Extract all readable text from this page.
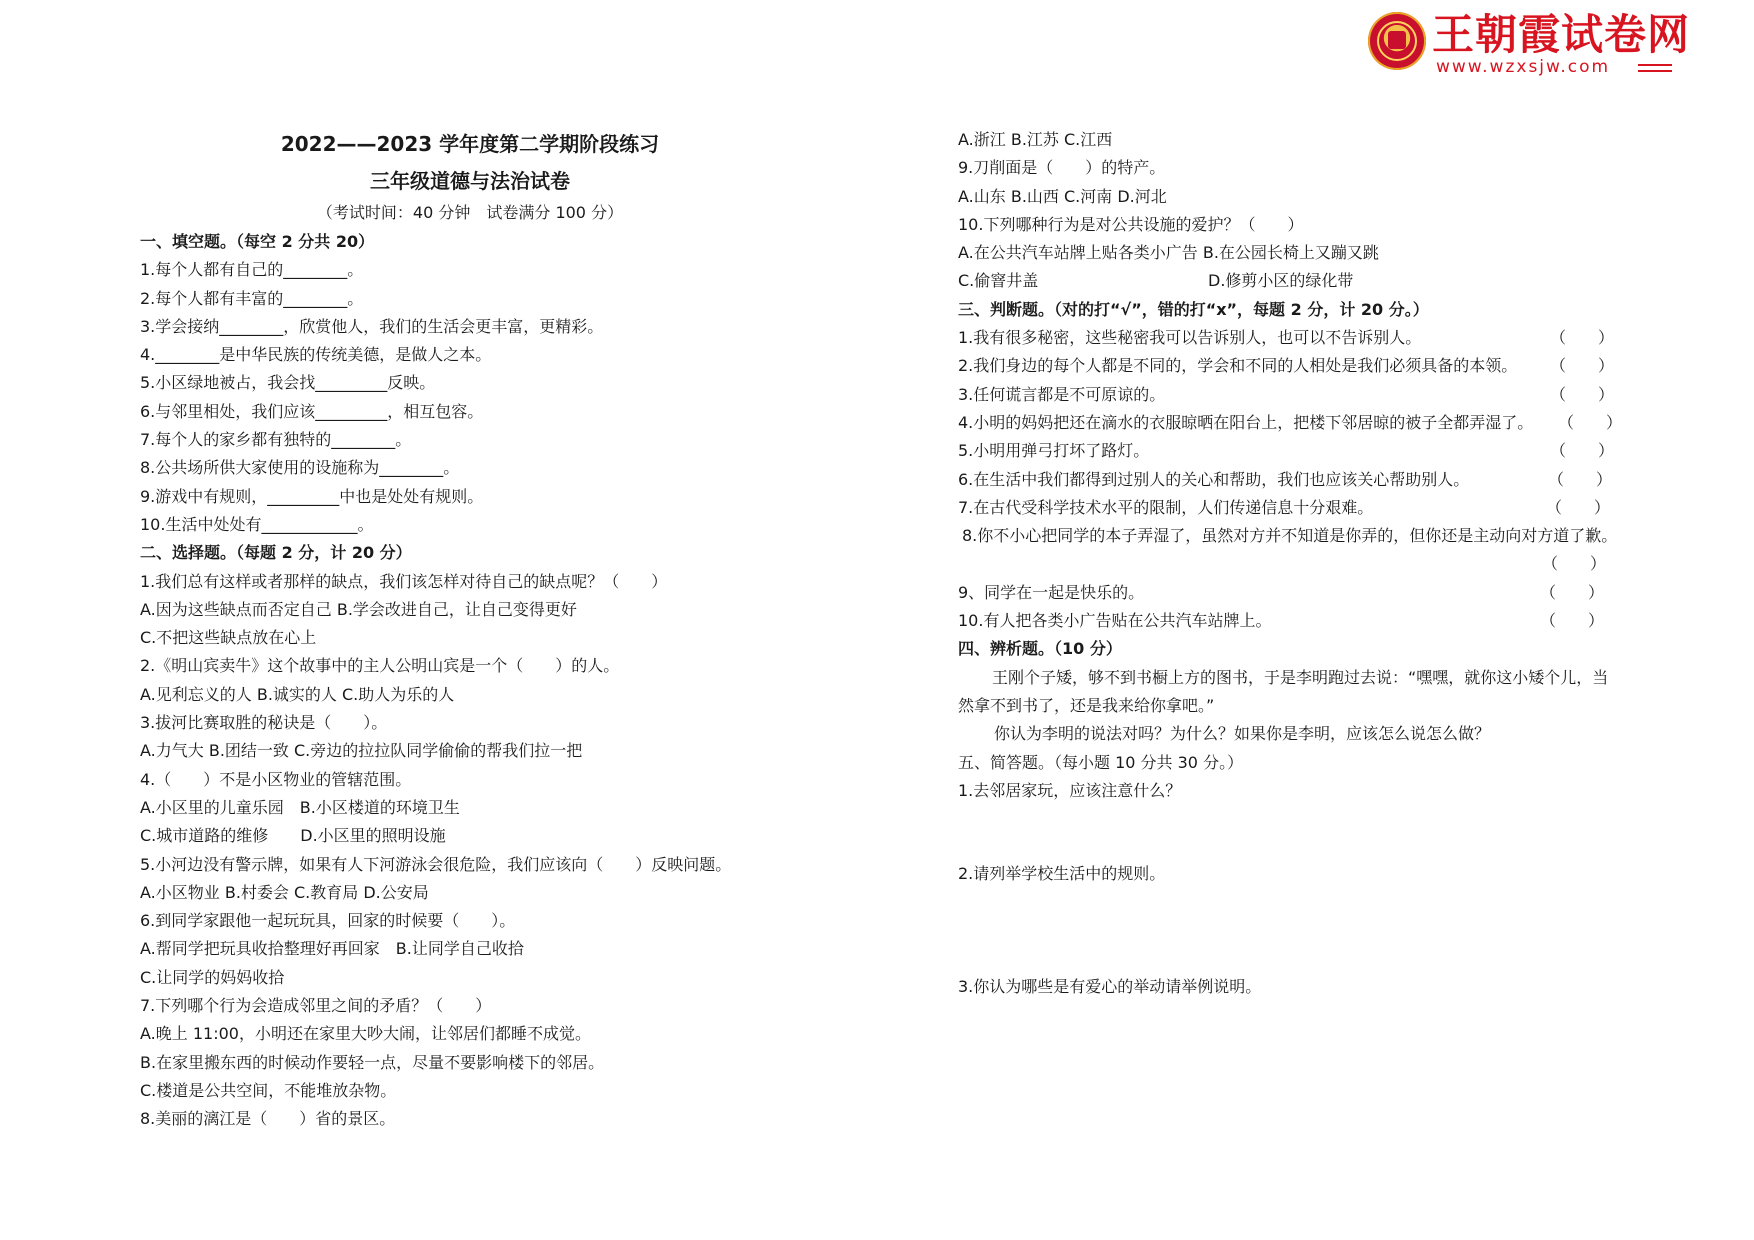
王朝霞试卷网
www.wzxsjw.com
2022——2023 学年度第二学期阶段练习
三年级道德与法治试卷
（考试时间：40 分钟　试卷满分 100 分）
一、填空题。（每空 2 分共 20）
1.每个人都有自己的________。
2.每个人都有丰富的________。
3.学会接纳________，欣赏他人，我们的生活会更丰富，更精彩。
4.________是中华民族的传统美德，是做人之本。
5.小区绿地被占，我会找_________反映。
6.与邻里相处，我们应该_________，相互包容。
7.每个人的家乡都有独特的________。
8.公共场所供大家使用的设施称为________。
9.游戏中有规则，_________中也是处处有规则。
10.生活中处处有____________。
二、选择题。（每题 2 分，计 20 分）
1.我们总有这样或者那样的缺点，我们该怎样对待自己的缺点呢？（　　）
A.因为这些缺点而否定自己 B.学会改进自己，让自己变得更好
C.不把这些缺点放在心上
2.《明山宾卖牛》这个故事中的主人公明山宾是一个（　　）的人。
A.见利忘义的人 B.诚实的人 C.助人为乐的人
3.拔河比赛取胜的秘诀是（　　）。
A.力气大 B.团结一致 C.旁边的拉拉队同学偷偷的帮我们拉一把
4.（　　）不是小区物业的管辖范围。
A.小区里的儿童乐园　B.小区楼道的环境卫生
C.城市道路的维修　　D.小区里的照明设施
5.小河边没有警示牌，如果有人下河游泳会很危险，我们应该向（　　）反映问题。
A.小区物业 B.村委会 C.教育局 D.公安局
6.到同学家跟他一起玩玩具，回家的时候要（　　）。
A.帮同学把玩具收拾整理好再回家　B.让同学自己收拾
C.让同学的妈妈收拾
7.下列哪个行为会造成邻里之间的矛盾？（　　）
A.晚上 11:00，小明还在家里大吵大闹，让邻居们都睡不成觉。
B.在家里搬东西的时候动作要轻一点，尽量不要影响楼下的邻居。
C.楼道是公共空间，不能堆放杂物。
8.美丽的漓江是（　　）省的景区。
A.浙江 B.江苏 C.江西
9.刀削面是（　　）的特产。
A.山东 B.山西 C.河南 D.河北
10.下列哪种行为是对公共设施的爱护？（　　）
A.在公共汽车站牌上贴各类小广告 B.在公园长椅上又蹦又跳
C.偷窨井盖	D.修剪小区的绿化带
三、判断题。（对的打“√”，错的打“x”，每题 2 分，计 20 分。）
1.我有很多秘密，这些秘密我可以告诉别人，也可以不告诉别人。	（　　）
2.我们身边的每个人都是不同的，学会和不同的人相处是我们必须具备的本领。 （　　）
3.任何谎言都是不可原谅的。	（　　）
4.小明的妈妈把还在滴水的衣服晾晒在阳台上，把楼下邻居晾的被子全都弄湿了。 （　　）
5.小明用弹弓打坏了路灯。	（　　）
6.在生活中我们都得到过别人的关心和帮助，我们也应该关心帮助别人。	（　　）
7.在古代受科学技术水平的限制，人们传递信息十分艰难。	（　　）
8.你不小心把同学的本子弄湿了，虽然对方并不知道是你弄的，但你还是主动向对方道了歉。
（　　）
9、同学在一起是快乐的。	（　　）
10.有人把各类小广告贴在公共汽车站牌上。	（　　）
四、辨析题。（10 分）
王刚个子矮，够不到书橱上方的图书，于是李明跑过去说：“嘿嘿，就你这小矮个儿，当
然拿不到书了，还是我来给你拿吧。”
你认为李明的说法对吗？为什么？如果你是李明，应该怎么说怎么做？
五、简答题。（每小题 10 分共 30 分。）
1.去邻居家玩，应该注意什么？
2.请列举学校生活中的规则。
3.你认为哪些是有爱心的举动请举例说明。
